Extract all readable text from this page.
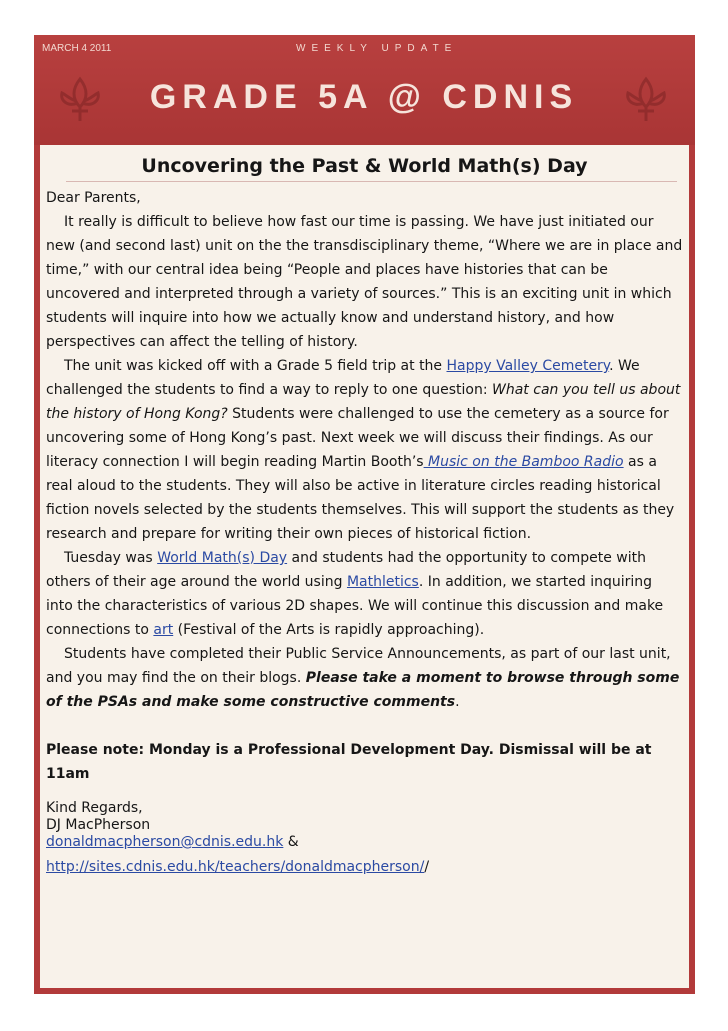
MARCH 4 2011	WEEKLY UPDATE
GRADE 5A @ CDNIS
Uncovering the Past & World Math(s) Day

Dear Parents,

It really is difficult to believe how fast our time is passing. We have just initiated our new (and second last) unit on the the transdisciplinary theme, “Where we are in place and time,” with our central idea being “People and places have histories that can be uncovered and interpreted through a variety of sources.” This is an exciting unit in which students will inquire into how we actually know and understand history, and how perspectives can affect the telling of history.

The unit was kicked off with a Grade 5 field trip at the Happy Valley Cemetery. We challenged the students to find a way to reply to one question: What can you tell us about the history of Hong Kong? Students were challenged to use the cemetery as a source for uncovering some of Hong Kong’s past. Next week we will discuss their findings. As our literacy connection I will begin reading Martin Booth’s Music on the Bamboo Radio as a real aloud to the students. They will also be active in literature circles reading historical fiction novels selected by the students themselves. This will support the students as they research and prepare for writing their own pieces of historical fiction.

Tuesday was World Math(s) Day and students had the opportunity to compete with others of their age around the world using Mathletics. In addition, we started inquiring into the characteristics of various 2D shapes. We will continue this discussion and make connections to art (Festival of the Arts is rapidly approaching).

Students have completed their Public Service Announcements, as part of our last unit, and you may find the on their blogs. Please take a moment to browse through some of the PSAs and make some constructive comments.

Please note: Monday is a Professional Development Day. Dismissal will be at 11am

Kind Regards,
DJ MacPherson
donaldmacpherson@cdnis.edu.hk &
http://sites.cdnis.edu.hk/teachers/donaldmacpherson//
